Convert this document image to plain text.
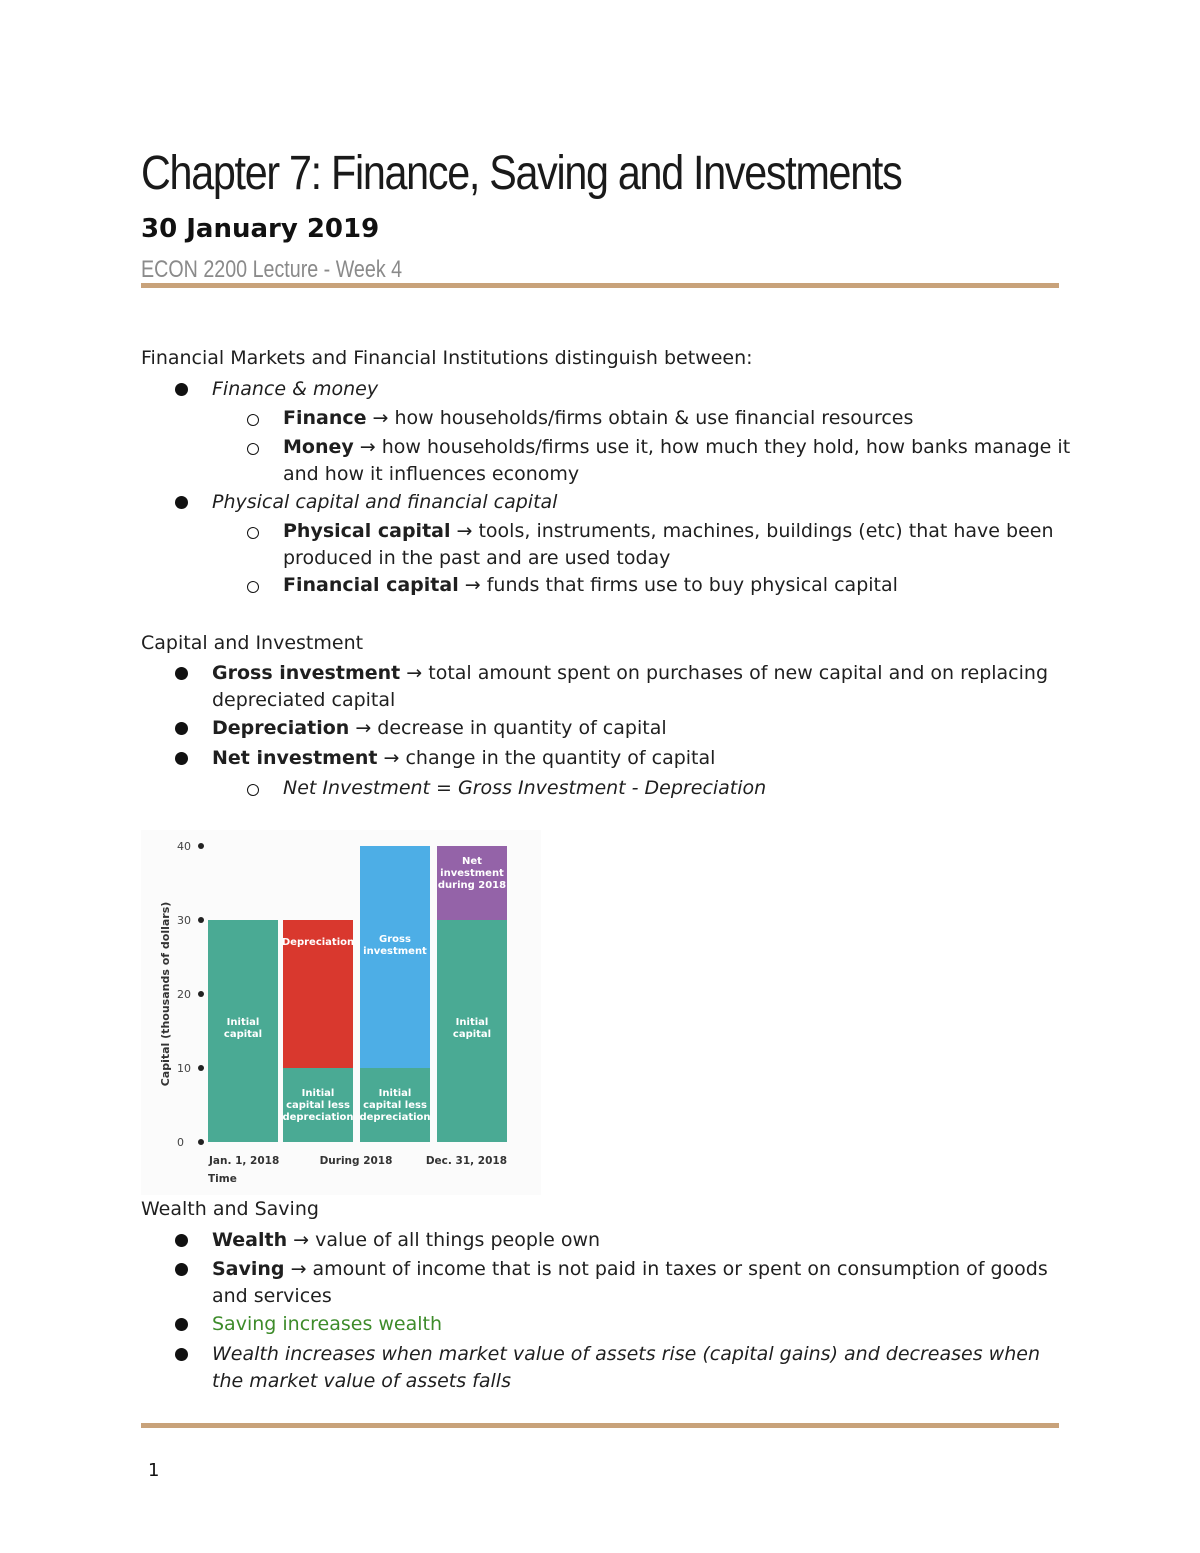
Chapter 7: Finance, Saving and Investments
30 January 2019
ECON 2200 Lecture - Week 4

Financial Markets and Financial Institutions distinguish between:

Finance & money
Finance → how households/firms obtain & use financial resources
Money → how households/firms use it, how much they hold, how banks manage it and how it influences economy
Physical capital and financial capital
Physical capital → tools, instruments, machines, buildings (etc) that have been produced in the past and are used today
Financial capital → funds that firms use to buy physical capital

Capital and Investment

Gross investment → total amount spent on purchases of new capital and on replacing depreciated capital
Depreciation → decrease in quantity of capital
Net investment → change in the quantity of capital
Net Investment = Gross Investment - Depreciation
0
10
20
30
40
Capital (thousands of dollars)	Initial
capital
Initial
capital less
depreciation
Depreciation
Initial
capital less
depreciation
Gross
investment
Initial
capital
Net
investment
during 2018
Jan. 1, 2018	During 2018	Dec. 31, 2018
Time

Wealth and Saving

Wealth → value of all things people own
Saving → amount of income that is not paid in taxes or spent on consumption of goods and services
Saving increases wealth
Wealth increases when market value of assets rise (capital gains) and decreases when the market value of assets falls
1
